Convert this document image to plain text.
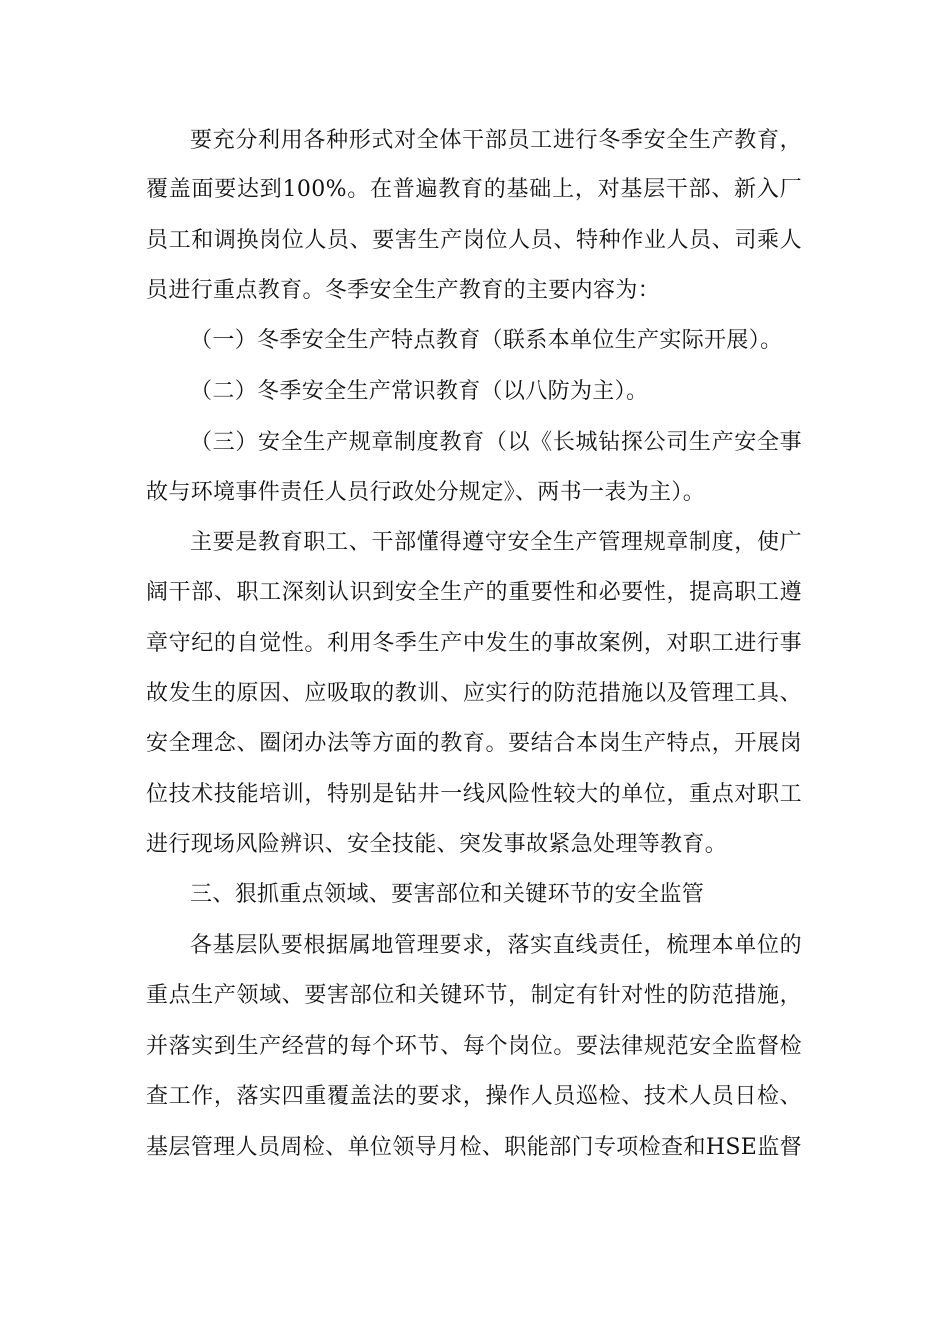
要充分利用各种形式对全体干部员工进行冬季安全生产教育，
覆盖面要达到100%。在普遍教育的基础上，对基层干部、新入厂
员工和调换岗位人员、要害生产岗位人员、特种作业人员、司乘人
员进行重点教育。冬季安全生产教育的主要内容为：
（一）冬季安全生产特点教育（联系本单位生产实际开展）。
（二）冬季安全生产常识教育（以八防为主）。
（三）安全生产规章制度教育（以《长城钻探公司生产安全事
故与环境事件责任人员行政处分规定》、两书一表为主）。
主要是教育职工、干部懂得遵守安全生产管理规章制度，使广
阔干部、职工深刻认识到安全生产的重要性和必要性，提高职工遵
章守纪的自觉性。利用冬季生产中发生的事故案例，对职工进行事
故发生的原因、应吸取的教训、应实行的防范措施以及管理工具、
安全理念、圈闭办法等方面的教育。要结合本岗生产特点，开展岗
位技术技能培训，特别是钻井一线风险性较大的单位，重点对职工
进行现场风险辨识、安全技能、突发事故紧急处理等教育。
三、狠抓重点领域、要害部位和关键环节的安全监管
各基层队要根据属地管理要求，落实直线责任，梳理本单位的
重点生产领域、要害部位和关键环节，制定有针对性的防范措施，
并落实到生产经营的每个环节、每个岗位。要法律规范安全监督检
查工作，落实四重覆盖法的要求，操作人员巡检、技术人员日检、
基层管理人员周检、单位领导月检、职能部门专项检查和HSE监督
